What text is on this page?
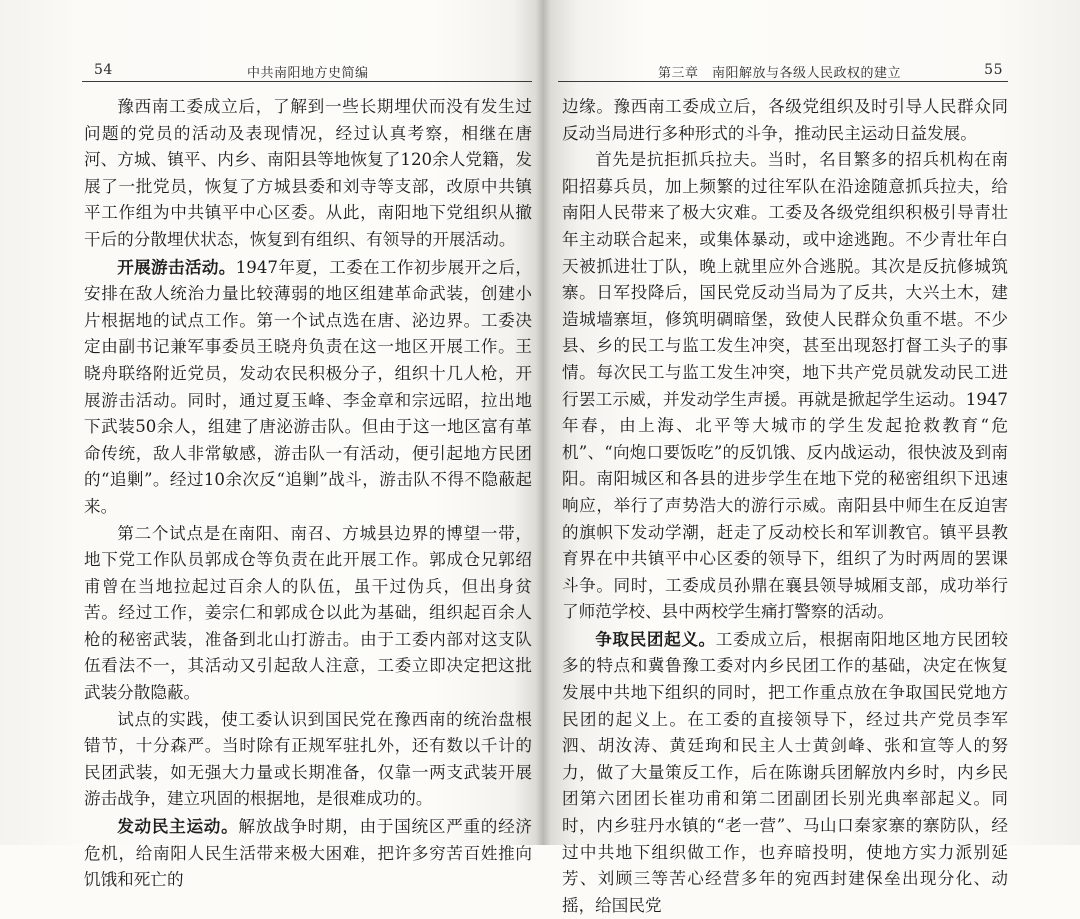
54	中共南阳地方史简编

豫西南工委成立后，了解到一些长期埋伏而没有发生过问题的党员的活动及表现情况，经过认真考察，相继在唐河、方城、镇平、内乡、南阳县等地恢复了120余人党籍，发展了一批党员，恢复了方城县委和刘寺等支部，改原中共镇平工作组为中共镇平中心区委。从此，南阳地下党组织从撤干后的分散埋伏状态，恢复到有组织、有领导的开展活动。

开展游击活动。1947年夏，工委在工作初步展开之后，安排在敌人统治力量比较薄弱的地区组建革命武装，创建小片根据地的试点工作。第一个试点选在唐、泌边界。工委决定由副书记兼军事委员王晓舟负责在这一地区开展工作。王晓舟联络附近党员，发动农民积极分子，组织十几人枪，开展游击活动。同时，通过夏玉峰、李金章和宗远昭，拉出地下武装50余人，组建了唐泌游击队。但由于这一地区富有革命传统，敌人非常敏感，游击队一有活动，便引起地方民团的“追剿”。经过10余次反“追剿”战斗，游击队不得不隐蔽起来。

第二个试点是在南阳、南召、方城县边界的博望一带，地下党工作队员郭成仓等负责在此开展工作。郭成仓兄郭绍甫曾在当地拉起过百余人的队伍，虽干过伪兵，但出身贫苦。经过工作，姜宗仁和郭成仓以此为基础，组织起百余人枪的秘密武装，准备到北山打游击。由于工委内部对这支队伍看法不一，其活动又引起敌人注意，工委立即决定把这批武装分散隐蔽。

试点的实践，使工委认识到国民党在豫西南的统治盘根错节，十分森严。当时除有正规军驻扎外，还有数以千计的民团武装，如无强大力量或长期准备，仅靠一两支武装开展游击战争，建立巩固的根据地，是很难成功的。

发动民主运动。解放战争时期，由于国统区严重的经济危机，给南阳人民生活带来极大困难，把许多穷苦百姓推向饥饿和死亡的

第三章　南阳解放与各级人民政权的建立	55

边缘。豫西南工委成立后，各级党组织及时引导人民群众同反动当局进行多种形式的斗争，推动民主运动日益发展。

首先是抗拒抓兵拉夫。当时，名目繁多的招兵机构在南阳招募兵员，加上频繁的过往军队在沿途随意抓兵拉夫，给南阳人民带来了极大灾难。工委及各级党组织积极引导青壮年主动联合起来，或集体暴动，或中途逃跑。不少青壮年白天被抓进壮丁队，晚上就里应外合逃脱。其次是反抗修城筑寨。日军投降后，国民党反动当局为了反共，大兴土木，建造城墙寨垣，修筑明碉暗堡，致使人民群众负重不堪。不少县、乡的民工与监工发生冲突，甚至出现怒打督工头子的事情。每次民工与监工发生冲突，地下共产党员就发动民工进行罢工示威，并发动学生声援。再就是掀起学生运动。1947年春，由上海、北平等大城市的学生发起抢救教育“危机”、“向炮口要饭吃”的反饥饿、反内战运动，很快波及到南阳。南阳城区和各县的进步学生在地下党的秘密组织下迅速响应，举行了声势浩大的游行示威。南阳县中师生在反迫害的旗帜下发动学潮，赶走了反动校长和军训教官。镇平县教育界在中共镇平中心区委的领导下，组织了为时两周的罢课斗争。同时，工委成员孙鼎在襄县领导城厢支部，成功举行了师范学校、县中两校学生痛打警察的活动。

争取民团起义。工委成立后，根据南阳地区地方民团较多的特点和冀鲁豫工委对内乡民团工作的基础，决定在恢复发展中共地下组织的同时，把工作重点放在争取国民党地方民团的起义上。在工委的直接领导下，经过共产党员李军泗、胡汝涛、黄廷珣和民主人士黄剑峰、张和宣等人的努力，做了大量策反工作，后在陈谢兵团解放内乡时，内乡民团第六团团长崔功甫和第二团副团长别光典率部起义。同时，内乡驻丹水镇的“老一营”、马山口秦家寨的寨防队，经过中共地下组织做工作，也弃暗投明，使地方实力派别延芳、刘顾三等苦心经营多年的宛西封建保垒出现分化、动摇，给国民党
